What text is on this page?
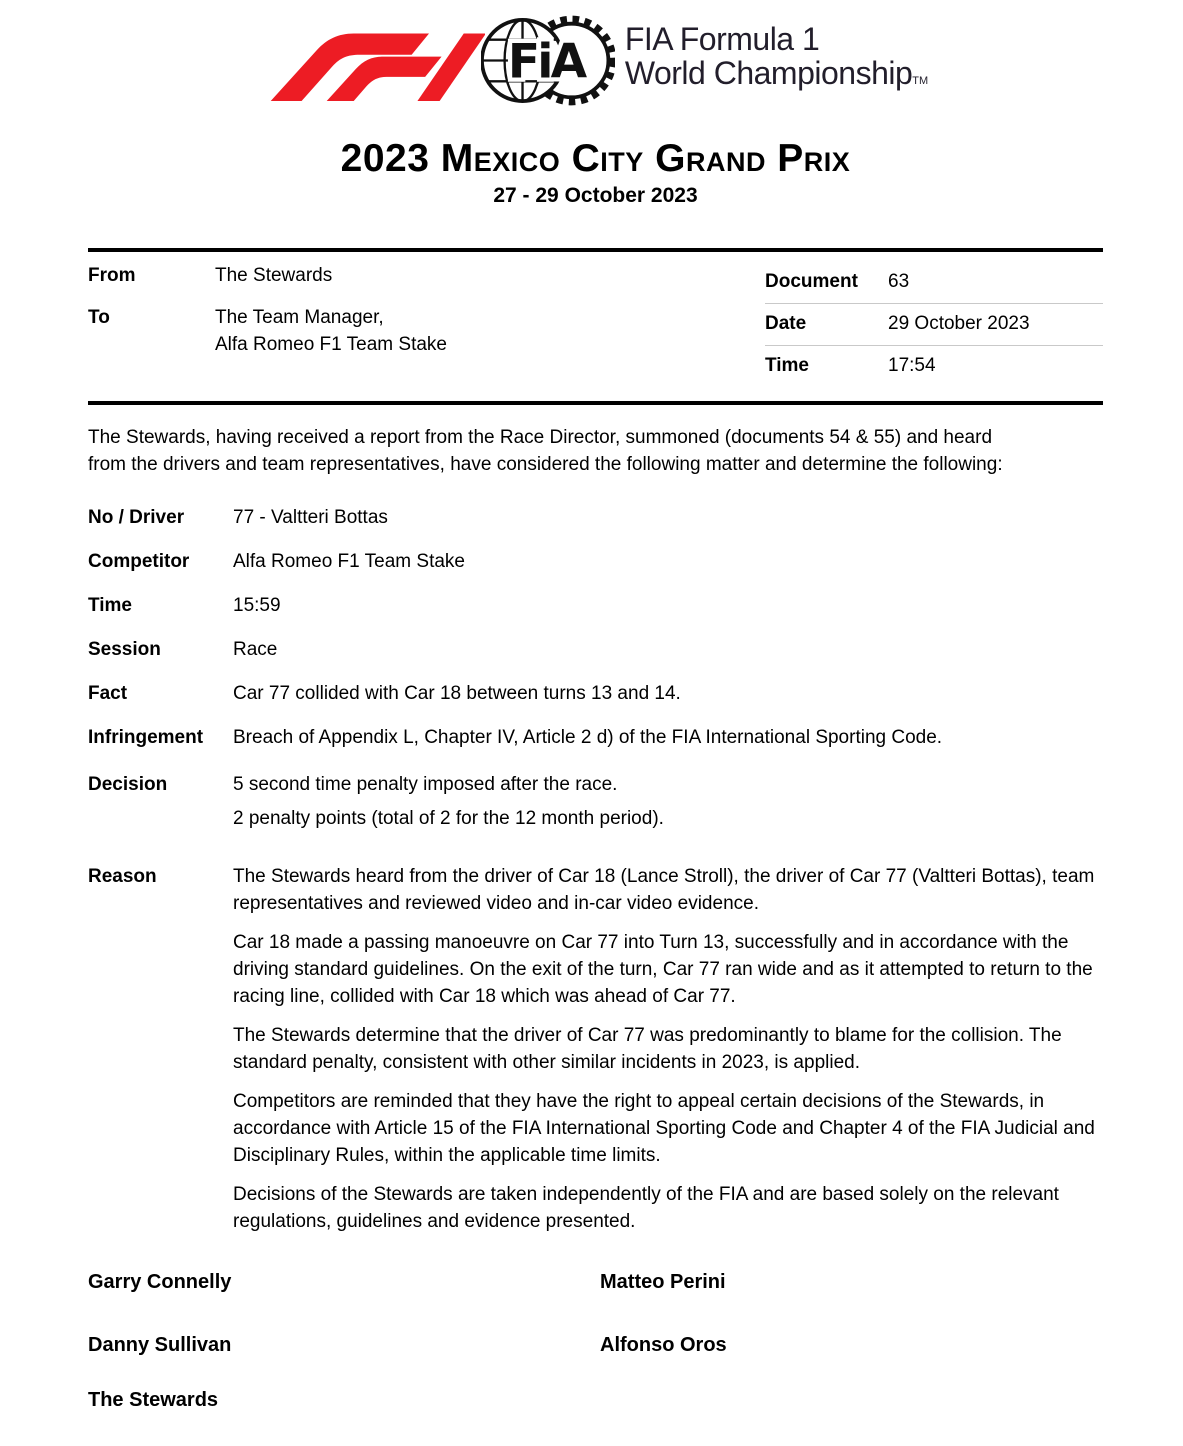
FiA FIA Formula 1
World ChampionshipTM
2023 Mexico City Grand Prix
27 - 29 October 2023
From	The Stewards
To	The Team Manager,
Alfa Romeo F1 Team Stake
Document	63
Date	29 October 2023
Time	17:54

The Stewards, having received a report from the Race Director, summoned (documents 54 & 55) and heard from the drivers and team representatives, have considered the following matter and determine the following:

No / Driver	77 - Valtteri Bottas
Competitor	Alfa Romeo F1 Team Stake
Time	15:59
Session	Race
Fact	Car 77 collided with Car 18 between turns 13 and 14.
Infringement	Breach of Appendix L, Chapter IV, Article 2 d) of the FIA International Sporting Code.
Decision	5 second time penalty imposed after the race.

2 penalty points (total of 2 for the 12 month period).

Reason	The Stewards heard from the driver of Car 18 (Lance Stroll), the driver of Car 77 (Valtteri Bottas), team representatives and reviewed video and in-car video evidence.

Car 18 made a passing manoeuvre on Car 77 into Turn 13, successfully and in accordance with the driving standard guidelines. On the exit of the turn, Car 77 ran wide and as it attempted to return to the racing line, collided with Car 18 which was ahead of Car 77.

The Stewards determine that the driver of Car 77 was predominantly to blame for the collision. The standard penalty, consistent with other similar incidents in 2023, is applied.

Competitors are reminded that they have the right to appeal certain decisions of the Stewards, in accordance with Article 15 of the FIA International Sporting Code and Chapter 4 of the FIA Judicial and Disciplinary Rules, within the applicable time limits.

Decisions of the Stewards are taken independently of the FIA and are based solely on the relevant regulations, guidelines and evidence presented.

Garry Connelly	Matteo Perini
Danny Sullivan	Alfonso Oros
The Stewards
